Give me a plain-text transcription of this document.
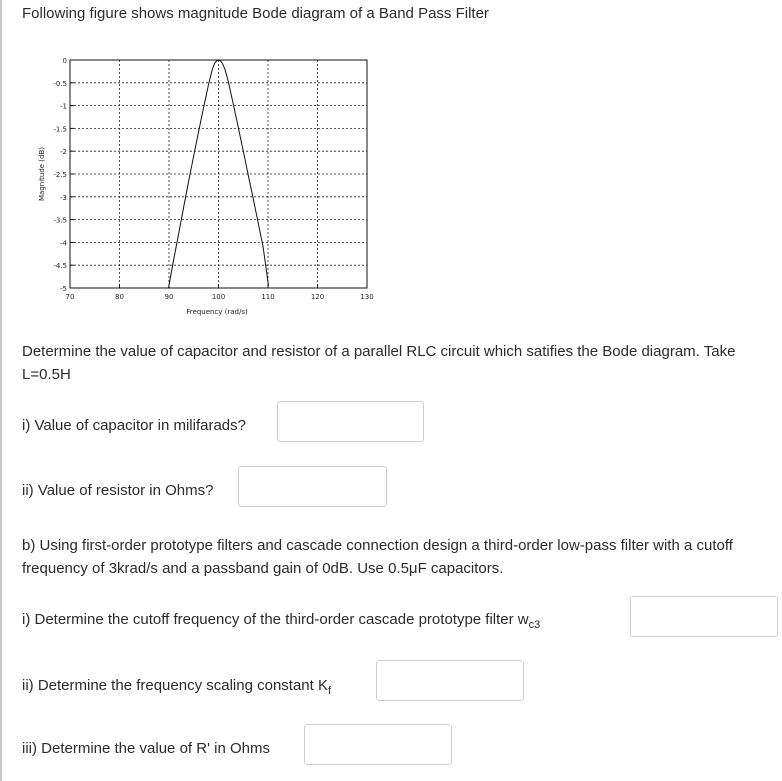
Following figure shows magnitude Bode diagram of a Band Pass Filter
70	80	90	100	110	120	130
0
-0.5
-1
-1.5
-2
-2.5
-3
-3.5
-4
-4.5
-5
Frequency (rad/s)
Magnitude (dB)
Determine the value of capacitor and resistor of a parallel RLC circuit which satifies the Bode diagram. Take L=0.5H
i) Value of capacitor in milifarads?
ii) Value of resistor in Ohms?
b) Using first-order prototype filters and cascade connection design a third-order low-pass filter with a cutoff frequency of 3krad/s and a passband gain of 0dB. Use 0.5μF capacitors.
i) Determine the cutoff frequency of the third-order cascade prototype filter $w_{c3}$
ii) Determine the frequency scaling constant $K_f$
iii) Determine the value of R' in Ohms
